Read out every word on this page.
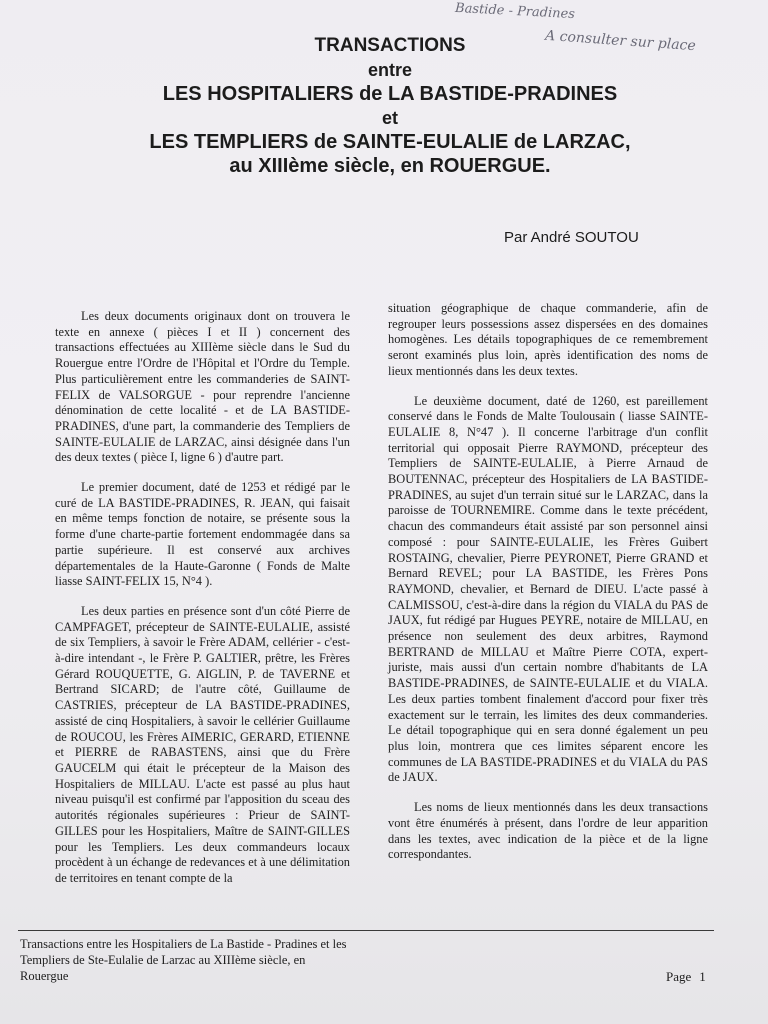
Bastide - Pradines
A consulter sur place
TRANSACTIONS
entre
LES HOSPITALIERS de LA BASTIDE-PRADINES
et
LES TEMPLIERS de SAINTE-EULALIE de LARZAC,
au XIIIème siècle, en ROUERGUE.
Par André SOUTOU

Les deux documents originaux dont on trouvera le texte en annexe ( pièces I et II ) concernent des transactions effectuées au XIIIème siècle dans le Sud du Rouergue entre l'Ordre de l'Hôpital et l'Ordre du Temple. Plus particulièrement entre les commanderies de SAINT-FELIX de VALSORGUE - pour reprendre l'ancienne dénomination de cette localité - et de LA BASTIDE-PRADINES, d'une part, la commanderie des Templiers de SAINTE-EULALIE de LARZAC, ainsi désignée dans l'un des deux textes ( pièce I, ligne 6 ) d'autre part.

Le premier document, daté de 1253 et rédigé par le curé de LA BASTIDE-PRADINES, R. JEAN, qui faisait en même temps fonction de notaire, se présente sous la forme d'une charte-partie fortement endommagée dans sa partie supérieure. Il est conservé aux archives départementales de la Haute-Garonne ( Fonds de Malte liasse SAINT-FELIX 15, N°4 ).

Les deux parties en présence sont d'un côté Pierre de CAMPFAGET, précepteur de SAINTE-EULALIE, assisté de six Templiers, à savoir le Frère ADAM, cellérier - c'est-à-dire intendant -, le Frère P. GALTIER, prêtre, les Frères Gérard ROUQUETTE, G. AIGLIN, P. de TAVERNE et Bertrand SICARD; de l'autre côté, Guillaume de CASTRIES, précepteur de LA BASTIDE-PRADINES, assisté de cinq Hospitaliers, à savoir le cellérier Guillaume de ROUCOU, les Frères AIMERIC, GERARD, ETIENNE et PIERRE de RABASTENS, ainsi que du Frère GAUCELM qui était le précepteur de la Maison des Hospitaliers de MILLAU. L'acte est passé au plus haut niveau puisqu'il est confirmé par l'apposition du sceau des autorités régionales supérieures : Prieur de SAINT-GILLES pour les Hospitaliers, Maître de SAINT-GILLES pour les Templiers. Les deux commandeurs locaux procèdent à un échange de redevances et à une délimitation de territoires en tenant compte de la

situation géographique de chaque commanderie, afin de regrouper leurs possessions assez dispersées en des domaines homogènes. Les détails topographiques de ce remembrement seront examinés plus loin, après identification des noms de lieux mentionnés dans les deux textes.

Le deuxième document, daté de 1260, est pareillement conservé dans le Fonds de Malte Toulousain ( liasse SAINTE-EULALIE 8, N°47 ). Il concerne l'arbitrage d'un conflit territorial qui opposait Pierre RAYMOND, précepteur des Templiers de SAINTE-EULALIE, à Pierre Arnaud de BOUTENNAC, précepteur des Hospitaliers de LA BASTIDE-PRADINES, au sujet d'un terrain situé sur le LARZAC, dans la paroisse de TOURNEMIRE. Comme dans le texte précédent, chacun des commandeurs était assisté par son personnel ainsi composé : pour SAINTE-EULALIE, les Frères Guibert ROSTAING, chevalier, Pierre PEYRONET, Pierre GRAND et Bernard REVEL; pour LA BASTIDE, les Frères Pons RAYMOND, chevalier, et Bernard de DIEU. L'acte passé à CALMISSOU, c'est-à-dire dans la région du VIALA du PAS de JAUX, fut rédigé par Hugues PEYRE, notaire de MILLAU, en présence non seulement des deux arbitres, Raymond BERTRAND de MILLAU et Maître Pierre COTA, expert-juriste, mais aussi d'un certain nombre d'habitants de LA BASTIDE-PRADINES, de SAINTE-EULALIE et du VIALA. Les deux parties tombent finalement d'accord pour fixer très exactement sur le terrain, les limites des deux commanderies. Le détail topographique qui en sera donné également un peu plus loin, montrera que ces limites séparent encore les communes de LA BASTIDE-PRADINES et du VIALA du PAS de JAUX.

Les noms de lieux mentionnés dans les deux transactions vont être énumérés à présent, dans l'ordre de leur apparition dans les textes, avec indication de la pièce et de la ligne correspondantes.

Transactions entre les Hospitaliers de La Bastide - Pradines et les Templiers de Ste-Eulalie de Larzac au XIIIème siècle, en Rouergue	Page 1
